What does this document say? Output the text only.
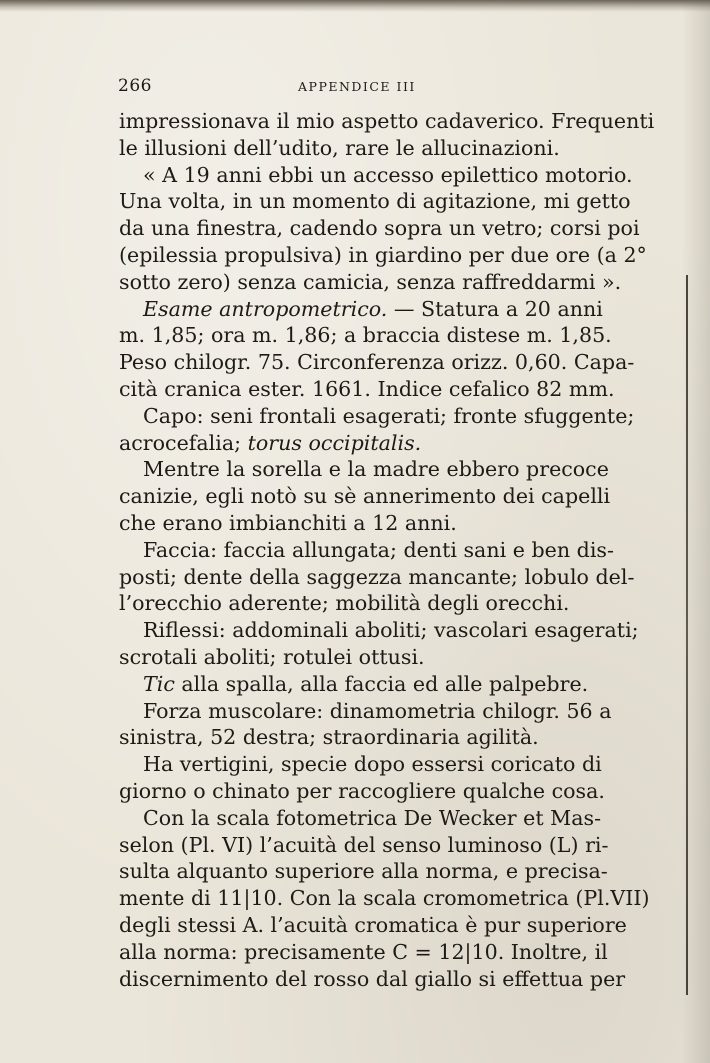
266	APPENDICE III
impressionava il mio aspetto cadaverico. Frequenti
le illusioni dell’udito, rare le allucinazioni.
« A 19 anni ebbi un accesso epilettico motorio.
Una volta, in un momento di agitazione, mi getto
da una finestra, cadendo sopra un vetro; corsi poi
(epilessia propulsiva) in giardino per due ore (a 2°
sotto zero) senza camicia, senza raffreddarmi ».
Esame antropometrico. — Statura a 20 anni
m. 1,85; ora m. 1,86; a braccia distese m. 1,85.
Peso chilogr. 75. Circonferenza orizz. 0,60. Capa-
cità cranica ester. 1661. Indice cefalico 82 mm.
Capo: seni frontali esagerati; fronte sfuggente;
acrocefalia; torus occipitalis.
Mentre la sorella e la madre ebbero precoce
canizie, egli notò su sè annerimento dei capelli
che erano imbianchiti a 12 anni.
Faccia: faccia allungata; denti sani e ben dis-
posti; dente della saggezza mancante; lobulo del-
l’orecchio aderente; mobilità degli orecchi.
Riflessi: addominali aboliti; vascolari esagerati;
scrotali aboliti; rotulei ottusi.
Tic alla spalla, alla faccia ed alle palpebre.
Forza muscolare: dinamometria chilogr. 56 a
sinistra, 52 destra; straordinaria agilità.
Ha vertigini, specie dopo essersi coricato di
giorno o chinato per raccogliere qualche cosa.
Con la scala fotometrica De Wecker et Mas-
selon (Pl. VI) l’acuità del senso luminoso (L) ri-
sulta alquanto superiore alla norma, e precisa-
mente di 11|10. Con la scala cromometrica (Pl.VII)
degli stessi A. l’acuità cromatica è pur superiore
alla norma: precisamente C = 12|10. Inoltre, il
discernimento del rosso dal giallo si effettua per
